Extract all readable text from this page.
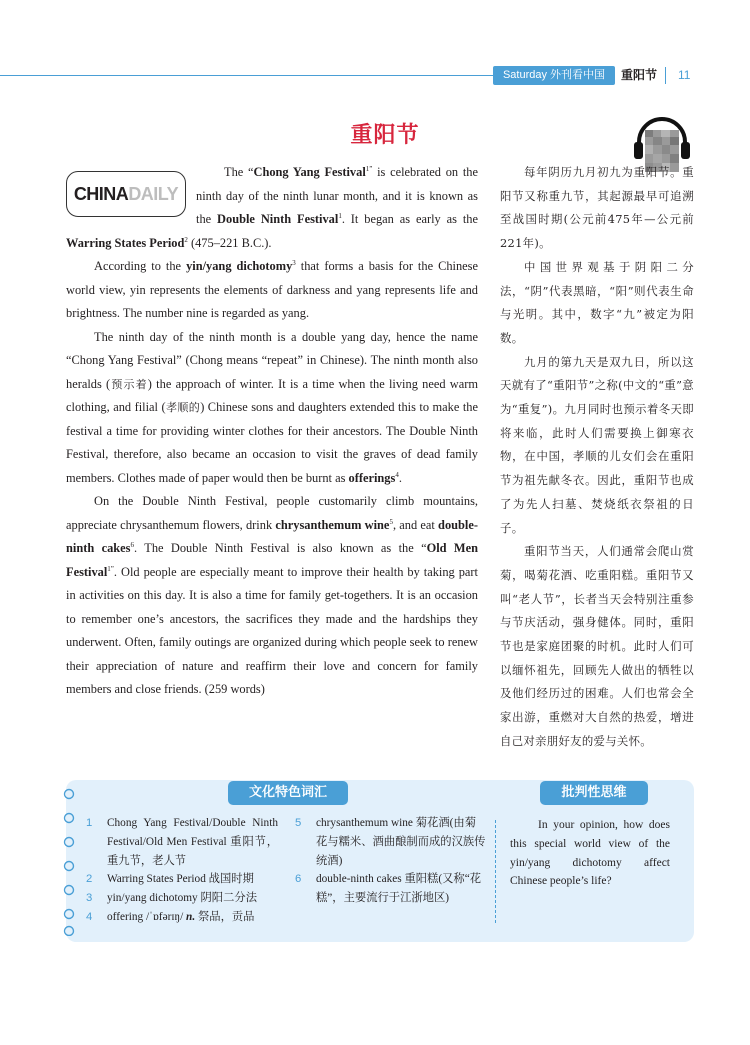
Saturday 外刊看中国	重阳节 11
重阳节
CHINADAILY

The “Chong Yang Festival$^{1”}$ is celebrated on the ninth day of the ninth lunar month, and it is known as the Double Ninth Festival$^1$. It began as early as the Warring States Period$^2$ (475–221 B.C.).

According to the yin/yang dichotomy$^3$ that forms a basis for the Chinese world view, yin represents the elements of darkness and yang represents life and brightness. The number nine is regarded as yang.

The ninth day of the ninth month is a double yang day, hence the name “Chong Yang Festival” (Chong means “repeat” in Chinese). The ninth month also heralds (预示着) the approach of winter. It is a time when the living need warm clothing, and filial (孝顺的) Chinese sons and daughters extended this to make the festival a time for providing winter clothes for their ancestors. The Double Ninth Festival, therefore, also became an occasion to visit the graves of dead family members. Clothes made of paper would then be burnt as offerings$^4$.

On the Double Ninth Festival, people customarily climb mountains, appreciate chrysanthemum flowers, drink chrysanthemum wine$^5$, and eat double-ninth cakes$^6$. The Double Ninth Festival is also known as the “Old Men Festival$^{1”}$. Old people are especially meant to improve their health by taking part in activities on this day. It is also a time for family get-togethers. It is an occasion to remember one’s ancestors, the sacrifices they made and the hardships they underwent. Often, family outings are organized during which people seek to renew their appreciation of nature and reaffirm their love and concern for family members and close friends. (259 words)

每年阴历九月初九为重阳节。重阳节又称重九节，其起源最早可追溯至战国时期(公元前475年—公元前221年)。

中国世界观基于阴阳二分法，“阴”代表黑暗，“阳”则代表生命与光明。其中，数字“九”被定为阳数。

九月的第九天是双九日，所以这天就有了“重阳节”之称(中文的“重”意为“重复”)。九月同时也预示着冬天即将来临，此时人们需要换上御寒衣物，在中国，孝顺的儿女们会在重阳节为祖先献冬衣。因此，重阳节也成了为先人扫墓、焚烧纸衣祭祖的日子。

重阳节当天，人们通常会爬山赏菊，喝菊花酒、吃重阳糕。重阳节又叫“老人节”，长者当天会特别注重参与节庆活动，强身健体。同时，重阳节也是家庭团聚的时机。此时人们可以缅怀祖先，回顾先人做出的牺牲以及他们经历过的困难。人们也常会全家出游，重燃对大自然的热爱，增进自己对亲朋好友的爱与关怀。

文化特色词汇	批判性思维
1 Chong Yang Festival/Double Ninth Festival/Old Men Festival 重阳节，重九节，老人节
2 Warring States Period 战国时期
3 yin/yang dichotomy 阴阳二分法
4 offering /ˈɒfərɪŋ/ n. 祭品，贡品
5 chrysanthemum wine 菊花酒(由菊花与糯米、酒曲酿制而成的汉族传统酒)
6 double-ninth cakes 重阳糕(又称“花糕”，主要流行于江浙地区)

In your opinion, how does this special world view of the yin/yang dichotomy affect Chinese people’s life?
